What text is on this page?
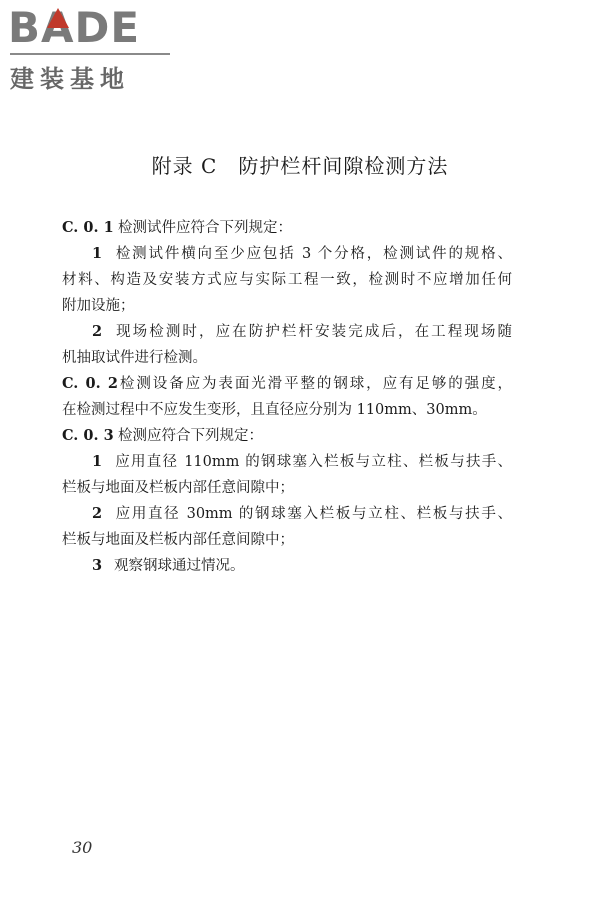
BA
DE
建装基地
附录 C　防护栏杆间隙检测方法
C. 0. 1 检测试件应符合下列规定：
1 检测试件横向至少应包括 3 个分格，检测试件的规格、
材料、构造及安装方式应与实际工程一致，检测时不应增加任何
附加设施；
2 现场检测时，应在防护栏杆安装完成后，在工程现场随
机抽取试件进行检测。
C. 0. 2检测设备应为表面光滑平整的钢球，应有足够的强度，
在检测过程中不应发生变形，且直径应分别为 110mm、30mm。
C. 0. 3 检测应符合下列规定：
1 应用直径 110mm 的钢球塞入栏板与立柱、栏板与扶手、
栏板与地面及栏板内部任意间隙中；
2 应用直径 30mm 的钢球塞入栏板与立柱、栏板与扶手、
栏板与地面及栏板内部任意间隙中；
3 观察钢球通过情况。
30
